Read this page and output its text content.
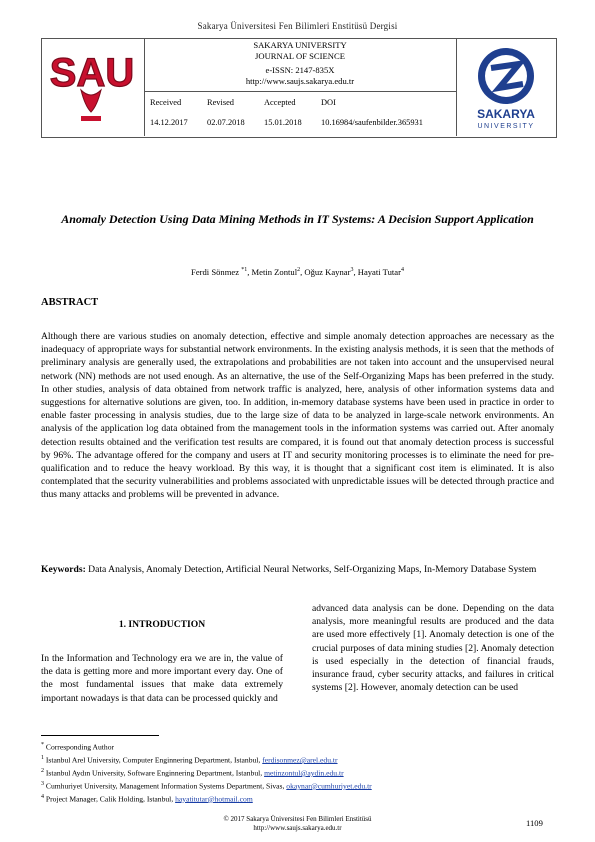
Sakarya Üniversitesi Fen Bilimleri Enstitüsü Dergisi
SAU
SAKARYA
UNIVERSITY
SAKARYA UNIVERSITY
JOURNAL OF SCIENCE
e-ISSN: 2147-835X
http://www.saujs.sakarya.edu.tr
Received	Revised	Accepted	DOI
14.12.2017 02.07.2018 15.01.2018 10.16984/saufenbilder.365931
Anomaly Detection Using Data Mining Methods in IT Systems: A Decision Support Application
Ferdi Sönmez $^{*1}$, Metin Zontul$^2$, Oğuz Kaynar$^3$, Hayati Tutar$^4$
ABSTRACT
Although there are various studies on anomaly detection, effective and simple anomaly detection approaches are necessary as the inadequacy of appropriate ways for substantial network environments. In the existing analysis methods, it is seen that the methods of preliminary analysis are generally used, the extrapolations and probabilities are not taken into account and the unsupervised neural network (NN) methods are not used enough. As an alternative, the use of the Self-Organizing Maps has been preferred in the study. In other studies, analysis of data obtained from network traffic is analyzed, here, analysis of other information systems data and suggestions for alternative solutions are given, too. In addition, in-memory database systems have been used in practice in order to enable faster processing in analysis studies, due to the large size of data to be analyzed in large-scale network environments. An analysis of the application log data obtained from the management tools in the information systems was carried out. After anomaly detection results obtained and the verification test results are compared, it is found out that anomaly detection process is successful by 96%. The advantage offered for the company and users at IT and security monitoring processes is to eliminate the need for pre-qualification and to reduce the heavy workload. By this way, it is thought that a significant cost item is eliminated. It is also contemplated that the security vulnerabilities and problems associated with unpredictable issues will be detected through practice and thus many attacks and problems will be prevented in advance.
Keywords: Data Analysis, Anomaly Detection, Artificial Neural Networks, Self-Organizing Maps, In-Memory Database System
1. INTRODUCTION
In the Information and Technology era we are in, the value of the data is getting more and more important every day. One of the most fundamental issues that make data extremely important nowadays is that data can be processed quickly and
advanced data analysis can be done. Depending on the data analysis, more meaningful results are produced and the data are used more effectively [1]. Anomaly detection is one of the crucial purposes of data mining studies [2]. Anomaly detection is used especially in the detection of financial frauds, insurance fraud, cyber security attacks, and failures in critical systems [2]. However, anomaly detection can be used
* Corresponding Author
$^1$ Istanbul Arel University, Computer Enginnering Department, Istanbul, ferdisonmez@arel.edu.tr
$^2$ Istanbul Aydın University, Software Enginnering Department, Istanbul, metinzontul@aydin.edu.tr
$^3$ Cumhuriyet University, Management Information Systems Department, Sivas, okaynar@cumhuriyet.edu.tr
$^4$ Project Manager, Calik Holding, Istanbul, hayatitutar@hotmail.com
© 2017 Sakarya Üniversitesi Fen Bilimleri Enstitüsü
http://www.saujs.sakarya.edu.tr	1109
